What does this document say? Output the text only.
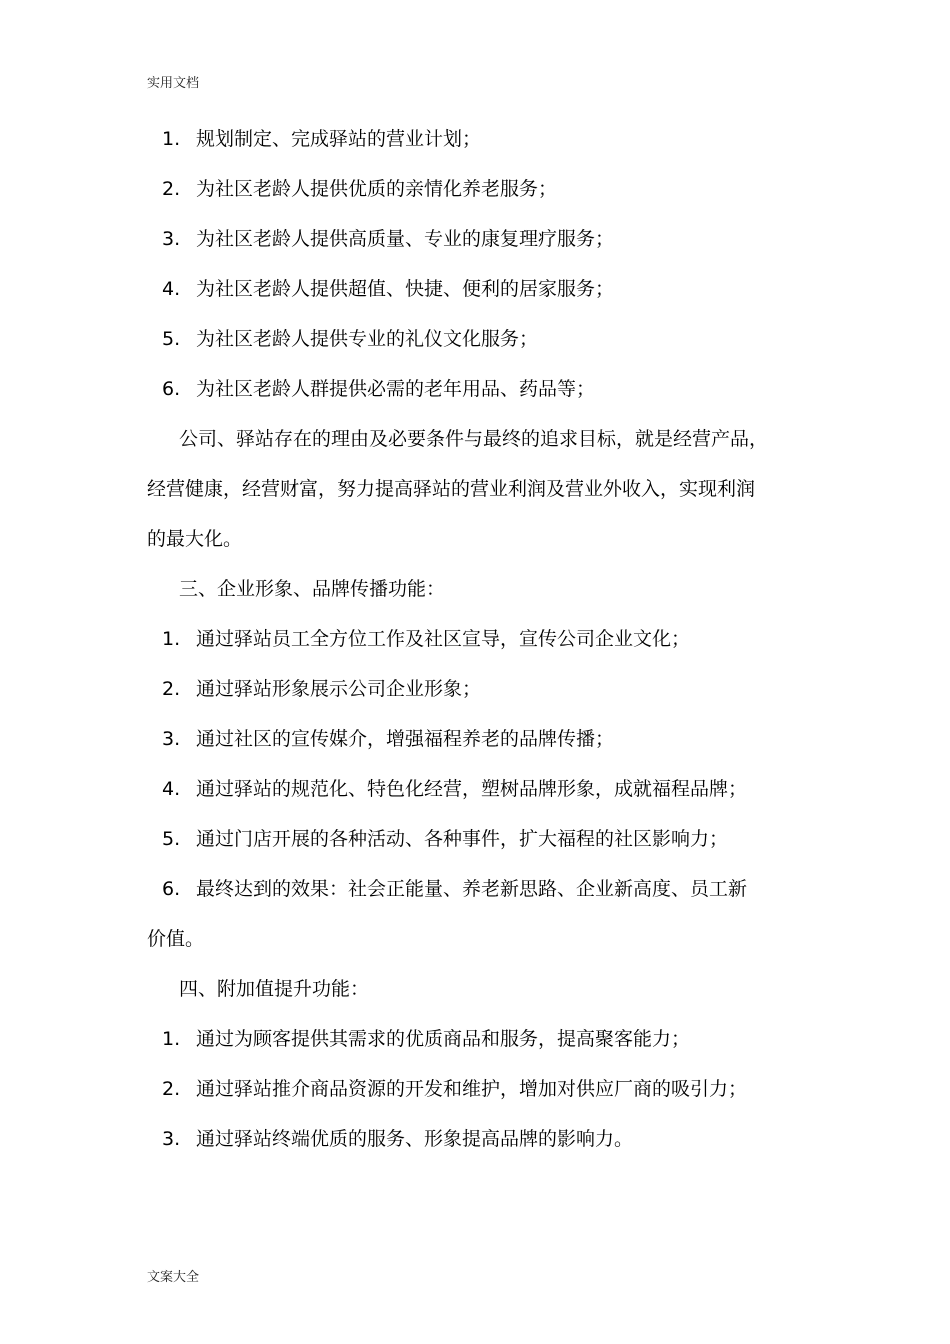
实用文档
1. 规划制定、完成驿站的营业计划；
2. 为社区老龄人提供优质的亲情化养老服务；
3. 为社区老龄人提供高质量、专业的康复理疗服务；
4. 为社区老龄人提供超值、快捷、便利的居家服务；
5. 为社区老龄人提供专业的礼仪文化服务；
6. 为社区老龄人群提供必需的老年用品、药品等；
公司、驿站存在的理由及必要条件与最终的追求目标，就是经营产品，
经营健康，经营财富，努力提高驿站的营业利润及营业外收入，实现利润
的最大化。
三、企业形象、品牌传播功能：
1. 通过驿站员工全方位工作及社区宣导，宣传公司企业文化；
2. 通过驿站形象展示公司企业形象；
3. 通过社区的宣传媒介，增强福程养老的品牌传播；
4. 通过驿站的规范化、特色化经营，塑树品牌形象，成就福程品牌；
5. 通过门店开展的各种活动、各种事件，扩大福程的社区影响力；
6. 最终达到的效果：社会正能量、养老新思路、企业新高度、员工新
价值。
四、附加值提升功能：
1. 通过为顾客提供其需求的优质商品和服务，提高聚客能力；
2. 通过驿站推介商品资源的开发和维护，增加对供应厂商的吸引力；
3. 通过驿站终端优质的服务、形象提高品牌的影响力。
文案大全
